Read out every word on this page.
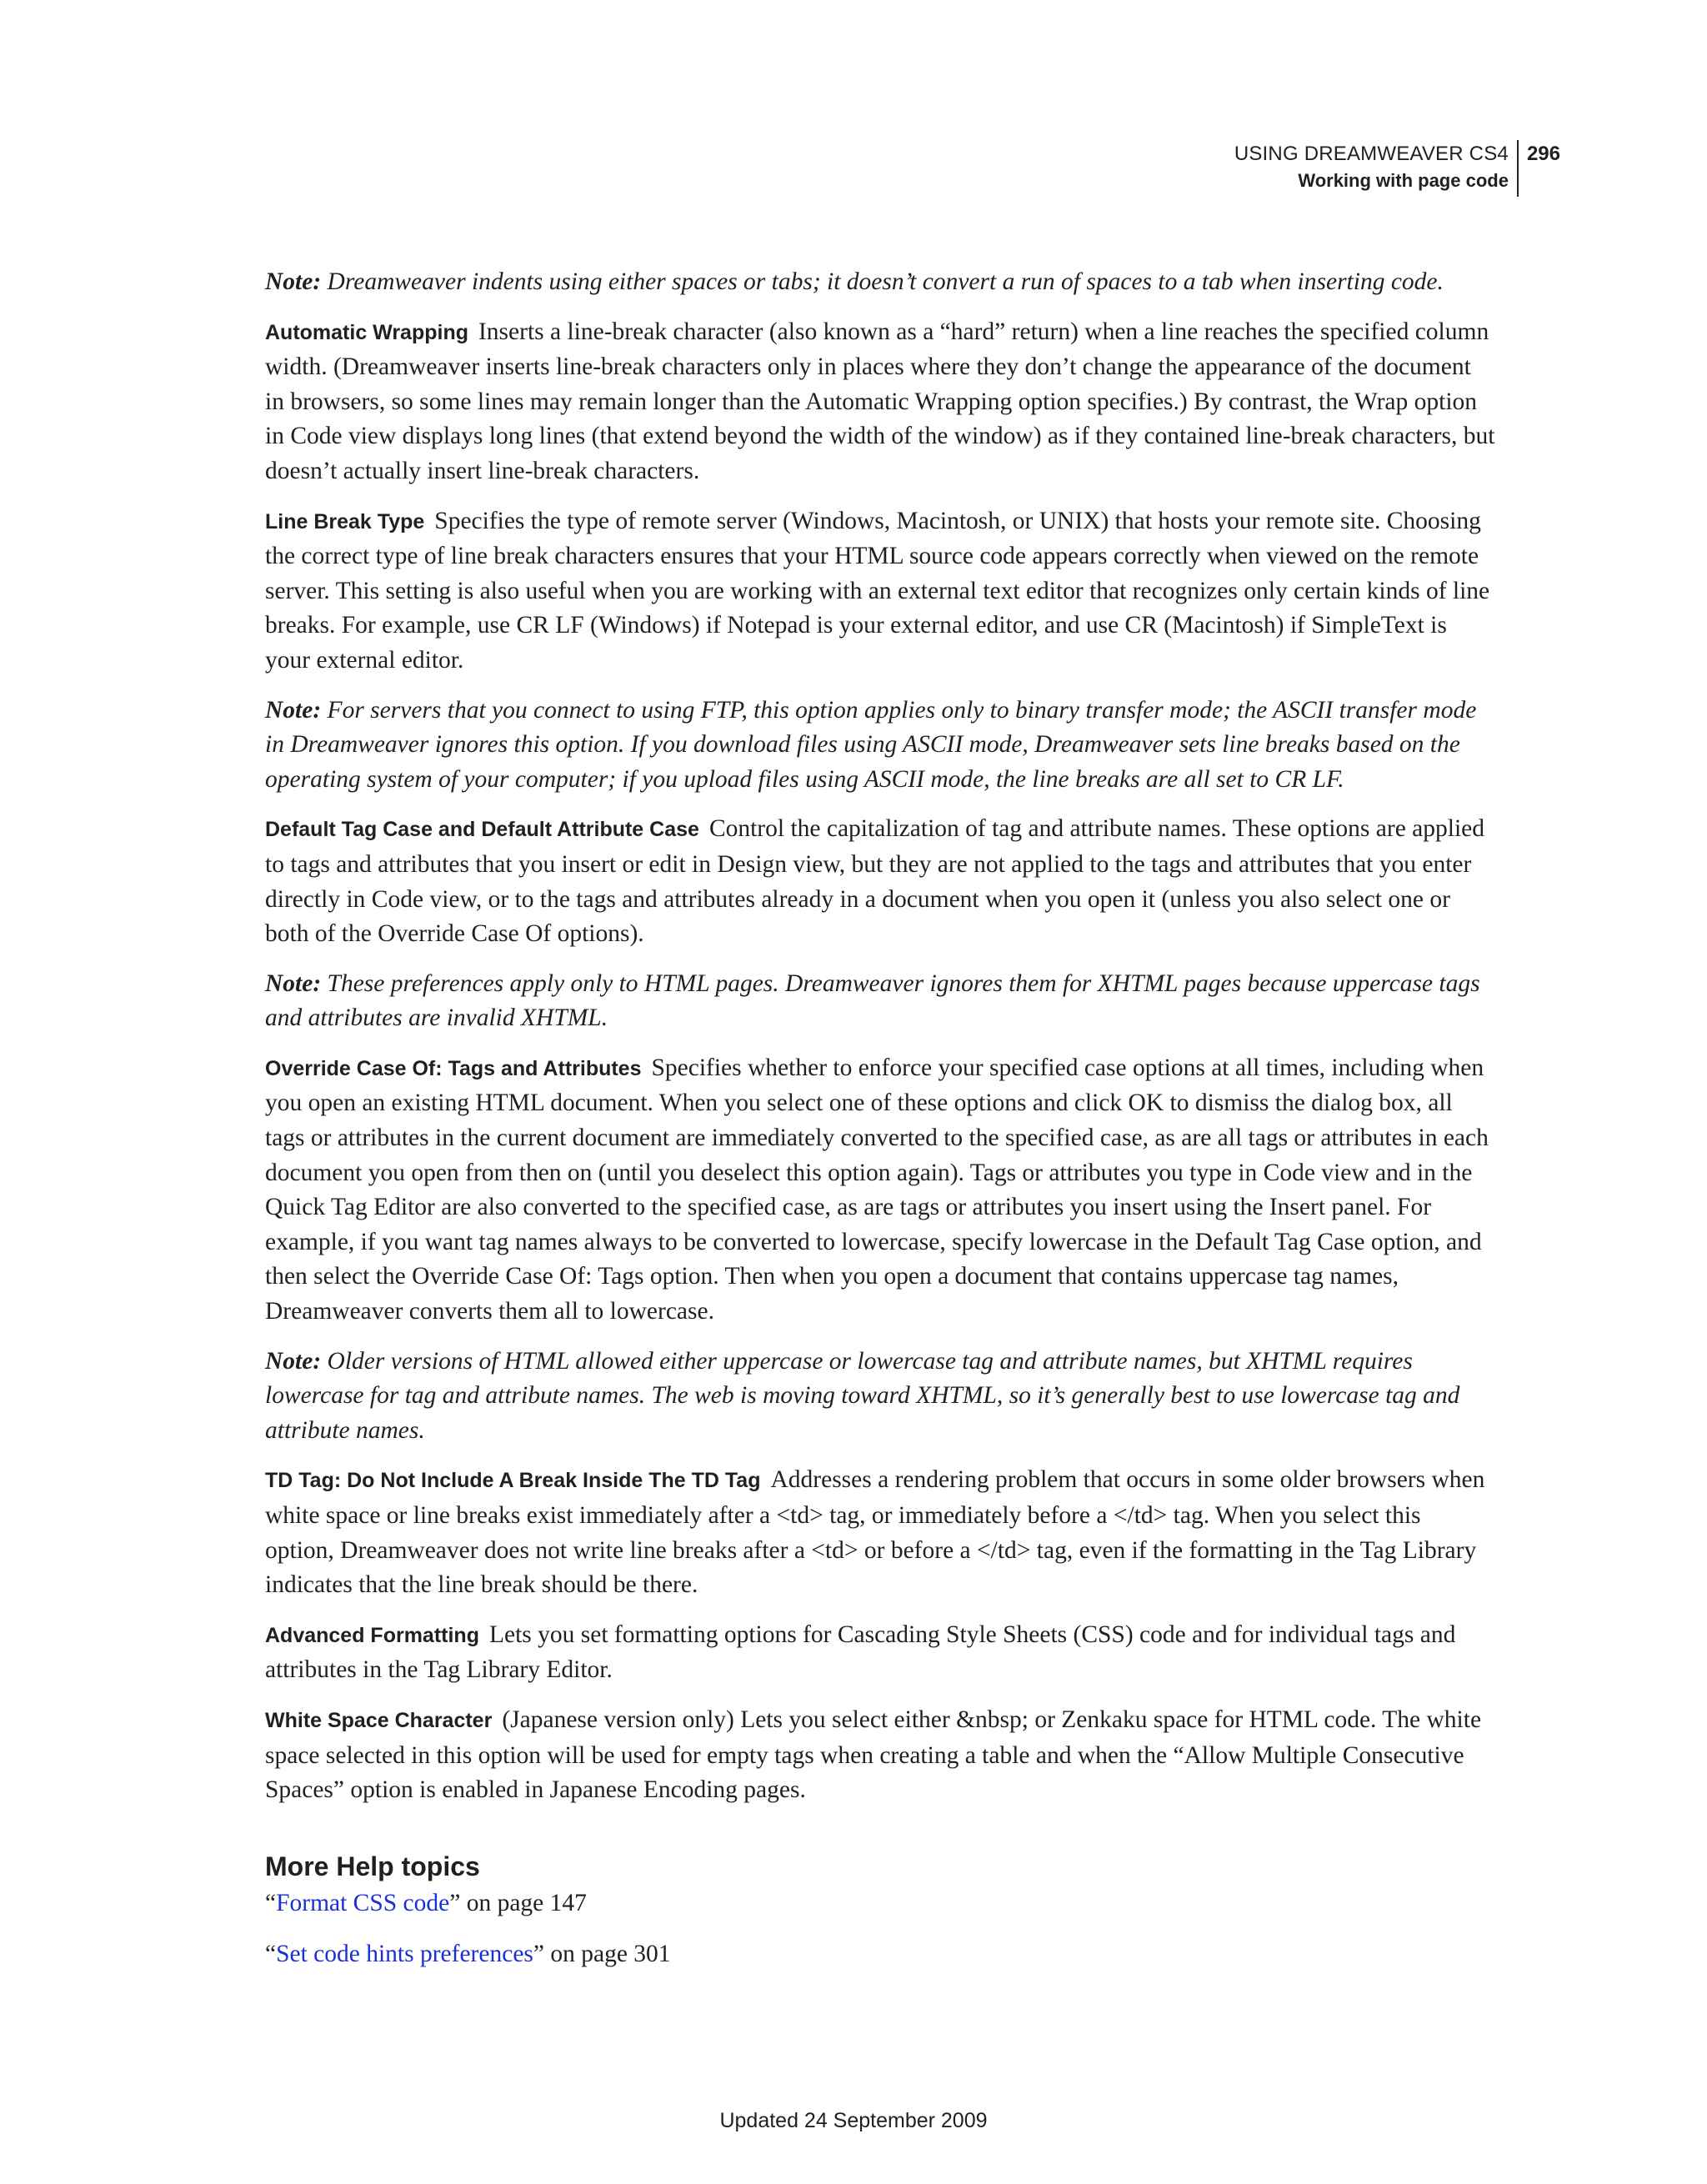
USING DREAMWEAVER CS4
Working with page code
296

Note: Dreamweaver indents using either spaces or tabs; it doesn’t convert a run of spaces to a tab when inserting code.

Automatic Wrapping Inserts a line-break character (also known as a “hard” return) when a line reaches the specified column width. (Dreamweaver inserts line-break characters only in places where they don’t change the appearance of the document in browsers, so some lines may remain longer than the Automatic Wrapping option specifies.) By contrast, the Wrap option in Code view displays long lines (that extend beyond the width of the window) as if they contained line-break characters, but doesn’t actually insert line-break characters.

Line Break Type Specifies the type of remote server (Windows, Macintosh, or UNIX) that hosts your remote site. Choosing the correct type of line break characters ensures that your HTML source code appears correctly when viewed on the remote server. This setting is also useful when you are working with an external text editor that recognizes only certain kinds of line breaks. For example, use CR LF (Windows) if Notepad is your external editor, and use CR (Macintosh) if SimpleText is your external editor.

Note: For servers that you connect to using FTP, this option applies only to binary transfer mode; the ASCII transfer mode in Dreamweaver ignores this option. If you download files using ASCII mode, Dreamweaver sets line breaks based on the operating system of your computer; if you upload files using ASCII mode, the line breaks are all set to CR LF.

Default Tag Case and Default Attribute Case Control the capitalization of tag and attribute names. These options are applied to tags and attributes that you insert or edit in Design view, but they are not applied to the tags and attributes that you enter directly in Code view, or to the tags and attributes already in a document when you open it (unless you also select one or both of the Override Case Of options).

Note: These preferences apply only to HTML pages. Dreamweaver ignores them for XHTML pages because uppercase tags and attributes are invalid XHTML.

Override Case Of: Tags and Attributes Specifies whether to enforce your specified case options at all times, including when you open an existing HTML document. When you select one of these options and click OK to dismiss the dialog box, all tags or attributes in the current document are immediately converted to the specified case, as are all tags or attributes in each document you open from then on (until you deselect this option again). Tags or attributes you type in Code view and in the Quick Tag Editor are also converted to the specified case, as are tags or attributes you insert using the Insert panel. For example, if you want tag names always to be converted to lowercase, specify lowercase in the Default Tag Case option, and then select the Override Case Of: Tags option. Then when you open a document that contains uppercase tag names, Dreamweaver converts them all to lowercase.

Note: Older versions of HTML allowed either uppercase or lowercase tag and attribute names, but XHTML requires lowercase for tag and attribute names. The web is moving toward XHTML, so it’s generally best to use lowercase tag and attribute names.

TD Tag: Do Not Include A Break Inside The TD Tag Addresses a rendering problem that occurs in some older browsers when white space or line breaks exist immediately after a <td> tag, or immediately before a </td> tag. When you select this option, Dreamweaver does not write line breaks after a <td> or before a </td> tag, even if the formatting in the Tag Library indicates that the line break should be there.

Advanced Formatting Lets you set formatting options for Cascading Style Sheets (CSS) code and for individual tags and attributes in the Tag Library Editor.

White Space Character (Japanese version only) Lets you select either &nbsp; or Zenkaku space for HTML code. The white space selected in this option will be used for empty tags when creating a table and when the “Allow Multiple Consecutive Spaces” option is enabled in Japanese Encoding pages.

More Help topics

“Format CSS code” on page 147

“Set code hints preferences” on page 301

Updated 24 September 2009
